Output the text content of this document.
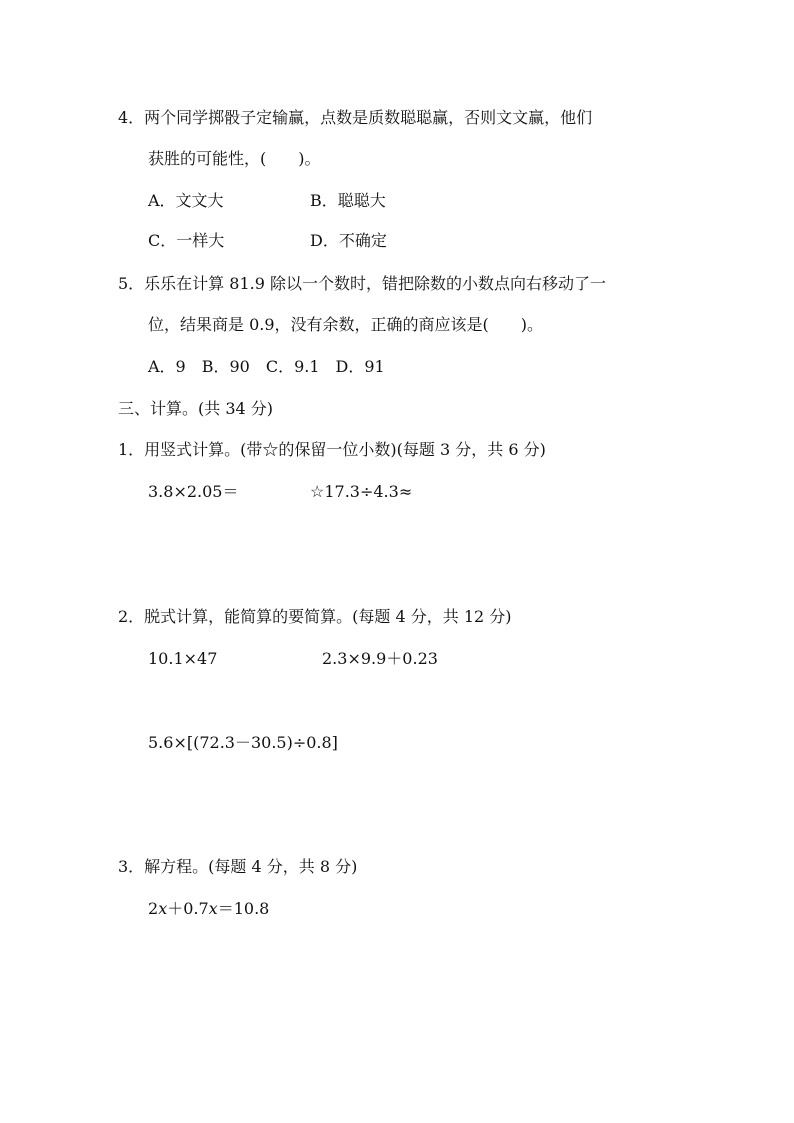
4．两个同学掷骰子定输赢，点数是质数聪聪赢，否则文文赢，他们
获胜的可能性，(　　)。
A．文文大	B．聪聪大
C．一样大	D．不确定
5．乐乐在计算 81.9 除以一个数时，错把除数的小数点向右移动了一
位，结果商是 0.9，没有余数，正确的商应该是(　　)。
A．9　B．90　C．9.1　D．91
三、计算。(共 34 分)
1．用竖式计算。(带☆的保留一位小数)(每题 3 分，共 6 分)
3.8×2.05＝	☆17.3÷4.3≈
2．脱式计算，能简算的要简算。(每题 4 分，共 12 分)
10.1×47	2.3×9.9＋0.23
5.6×[(72.3－30.5)÷0.8]
3．解方程。(每题 4 分，共 8 分)
2x＋0.7x＝10.8
